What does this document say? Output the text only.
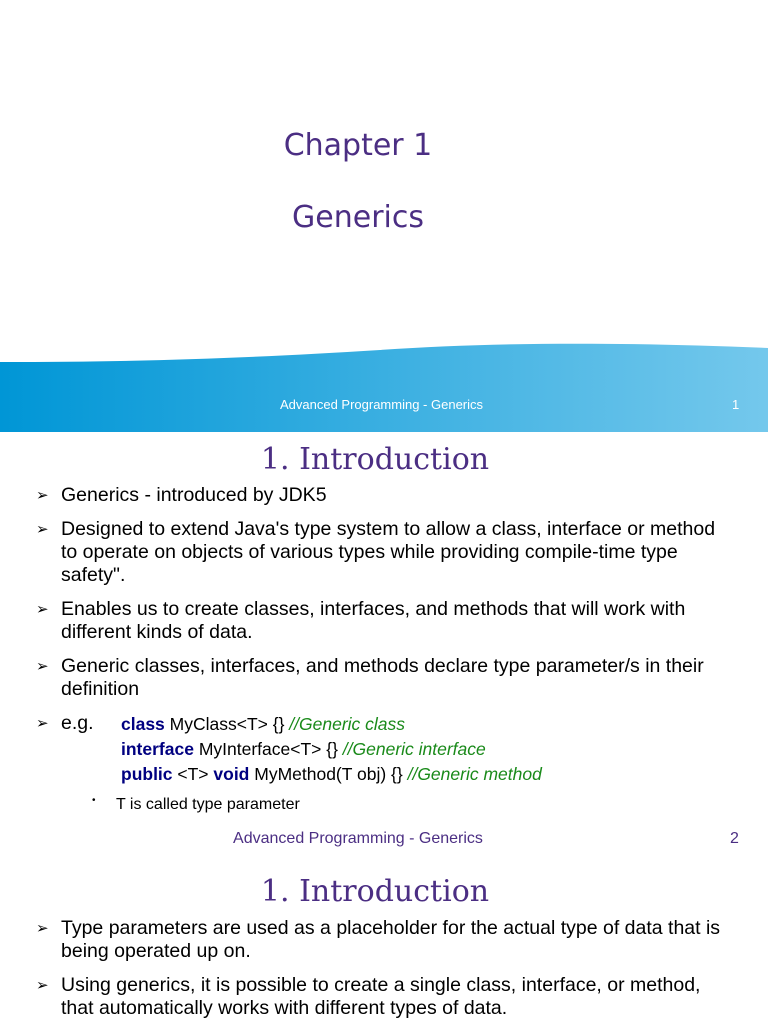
Chapter 1
Generics
Advanced Programming - Generics	1
1. Introduction
➢ Generics - introduced by JDK5
➢ Designed to extend Java's type system to allow a class, interface or method to operate on objects of various types while providing compile-time type safety".
➢ Enables us to create classes, interfaces, and methods that will work with different kinds of data.
➢ Generic classes, interfaces, and methods declare type parameter/s in their definition
➢ e.g. class MyClass<T> {} //Generic class
interface MyInterface<T> {} //Generic interface
public <T> void MyMethod(T obj) {} //Generic method
• T is called type parameter
Advanced Programming - Generics	2
1. Introduction
➢ Type parameters are used as a placeholder for the actual type of data that is being operated up on.
➢ Using generics, it is possible to create a single class, interface, or method, that automatically works with different types of data.
